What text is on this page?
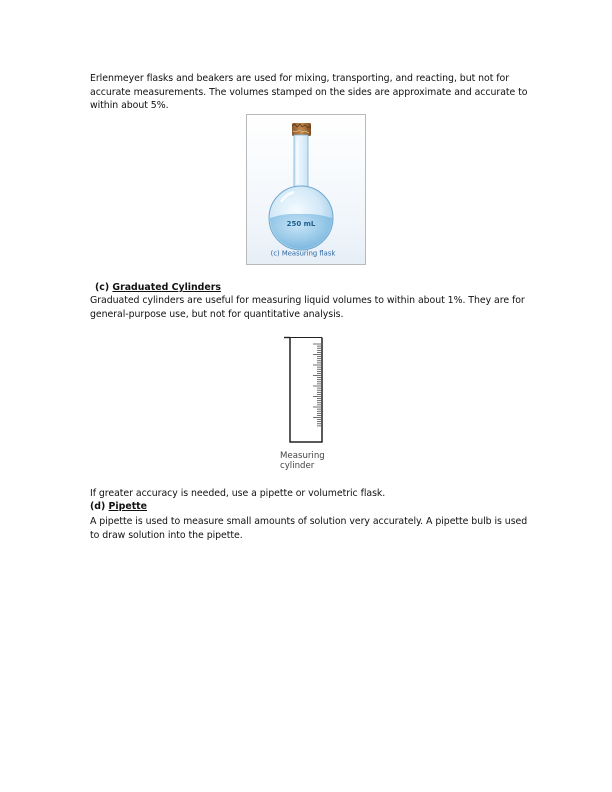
Erlenmeyer flasks and beakers are used for mixing, transporting, and reacting, but not for accurate measurements. The volumes stamped on the sides are approximate and accurate to within about 5%.

250 mL
(c) Measuring flask

(c) Graduated Cylinders

Graduated cylinders are useful for measuring liquid volumes to within about 1%. They are for general-purpose use, but not for quantitative analysis.

Measuring
cylinder

If greater accuracy is needed, use a pipette or volumetric flask.

(d) Pipette

A pipette is used to measure small amounts of solution very accurately. A pipette bulb is used to draw solution into the pipette.
